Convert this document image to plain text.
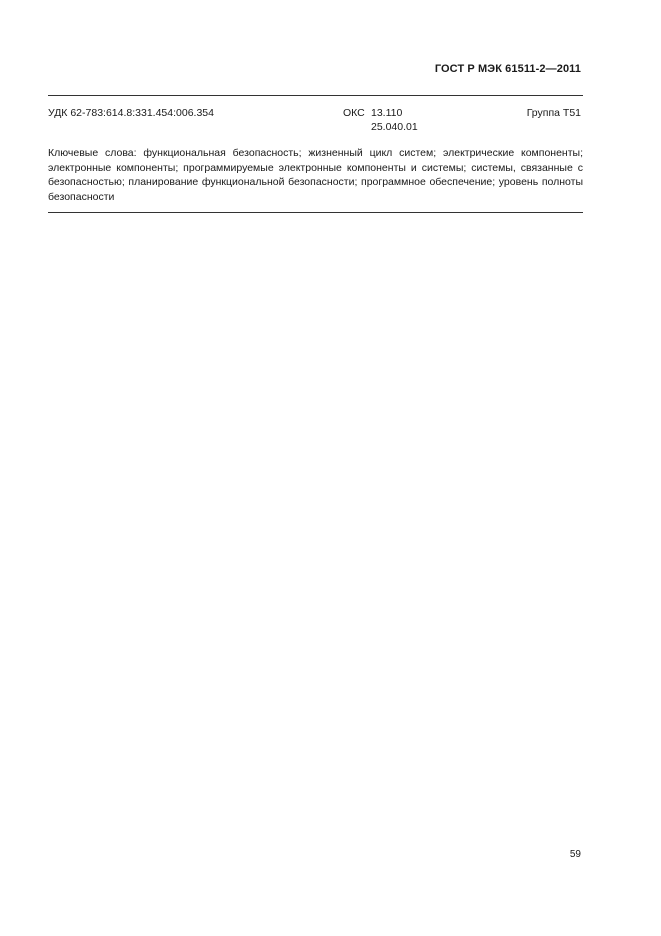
ГОСТ Р МЭК 61511-2—2011
УДК 62-783:614.8:331.454:006.354	ОКС 13.110
25.040.01
Группа Т51
Ключевые слова: функциональная безопасность; жизненный цикл систем; электрические компоненты; электронные компоненты; программируемые электронные компоненты и системы; системы, связанные с безопасностью; планирование функциональной безопасности; программное обеспечение; уровень полноты безопасности
59
